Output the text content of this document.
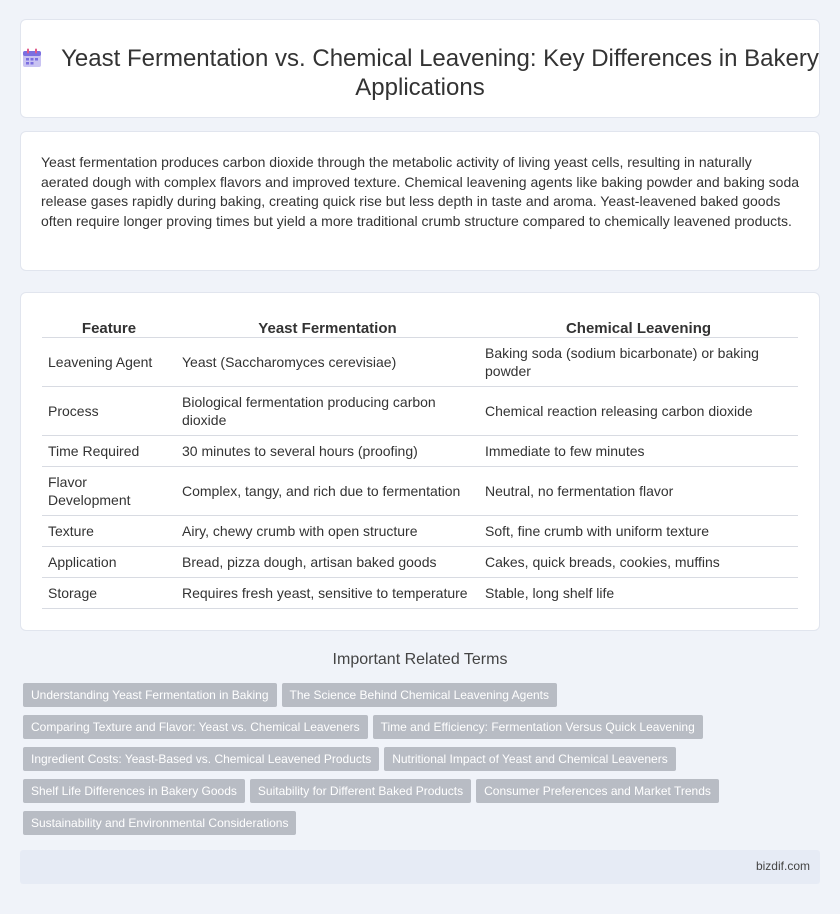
Yeast Fermentation vs. Chemical Leavening: Key Differences in Bakery Applications

Yeast fermentation produces carbon dioxide through the metabolic activity of living yeast cells, resulting in naturally aerated dough with complex flavors and improved texture. Chemical leavening agents like baking powder and baking soda release gases rapidly during baking, creating quick rise but less depth in taste and aroma. Yeast-leavened baked goods often require longer proving times but yield a more traditional crumb structure compared to chemically leavened products.

Feature	Yeast Fermentation	Chemical Leavening
Leavening Agent	Yeast (Saccharomyces cerevisiae)	Baking soda (sodium bicarbonate) or baking powder
Process	Biological fermentation producing carbon dioxide	Chemical reaction releasing carbon dioxide
Time Required	30 minutes to several hours (proofing)	Immediate to few minutes
Flavor Development	Complex, tangy, and rich due to fermentation	Neutral, no fermentation flavor
Texture	Airy, chewy crumb with open structure	Soft, fine crumb with uniform texture
Application	Bread, pizza dough, artisan baked goods	Cakes, quick breads, cookies, muffins
Storage	Requires fresh yeast, sensitive to temperature	Stable, long shelf life
Important Related Terms
Understanding Yeast Fermentation in Baking The Science Behind Chemical Leavening Agents
Comparing Texture and Flavor: Yeast vs. Chemical Leaveners Time and Efficiency: Fermentation Versus Quick Leavening
Ingredient Costs: Yeast-Based vs. Chemical Leavened Products Nutritional Impact of Yeast and Chemical Leaveners
Shelf Life Differences in Bakery Goods Suitability for Different Baked Products Consumer Preferences and Market Trends
Sustainability and Environmental Considerations
bizdif.com
